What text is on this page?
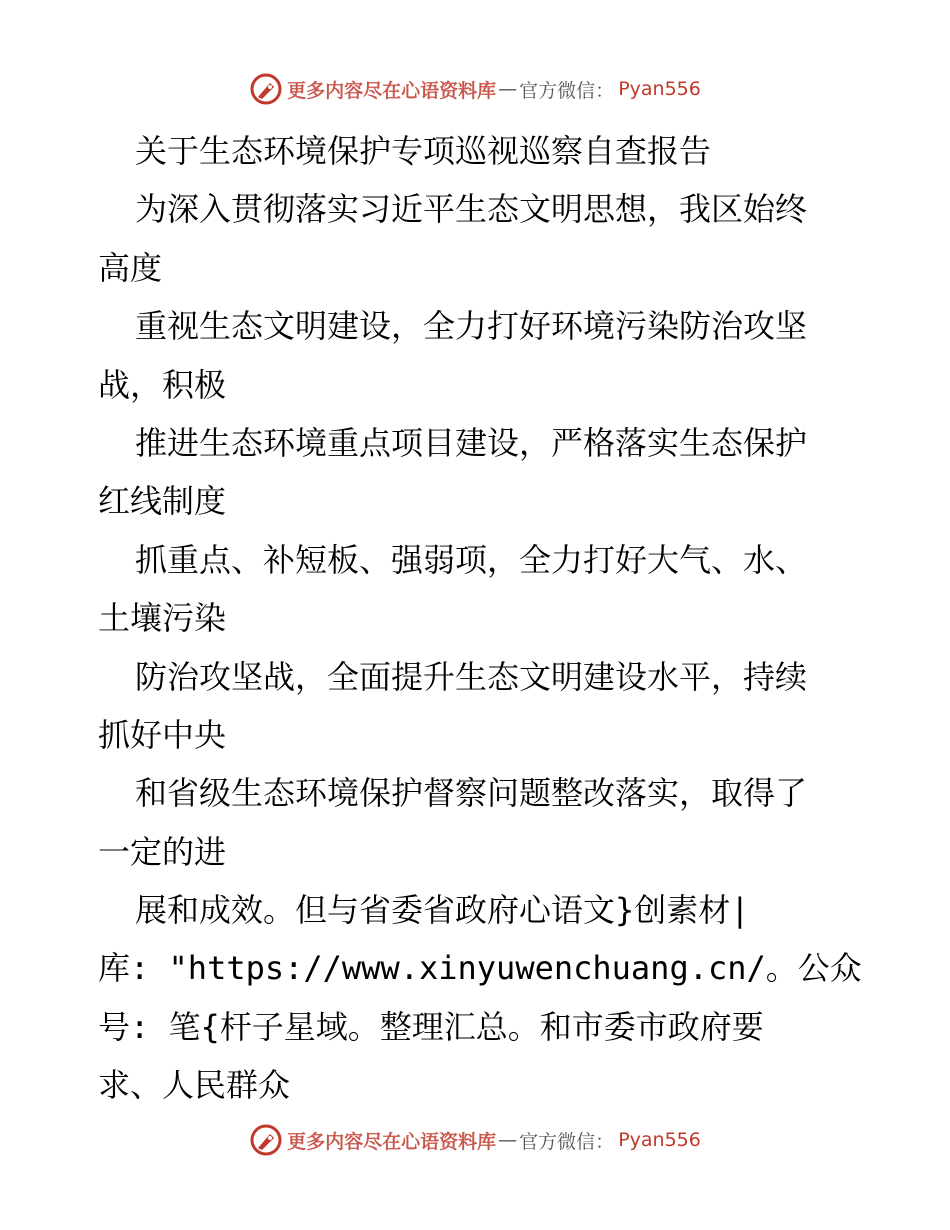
更多内容尽在心语资料库 — 官方微信： Pyan556
关于生态环境保护专项巡视巡察自查报告
为深入贯彻落实习近平生态文明思想，我区始终
高度
重视生态文明建设，全力打好环境污染防治攻坚
战，积极
推进生态环境重点项目建设，严格落实生态保护
红线制度
抓重点、补短板、强弱项，全力打好大气、水、
土壤污染
防治攻坚战，全面提升生态文明建设水平，持续
抓好中央
和省级生态环境保护督察问题整改落实，取得了
一定的进
展和成效。但与省委省政府心语文}创素材|
库: "https://www.xinyuwenchuang.cn/。公众
号: 笔{杆子星域。整理汇总。和市委市政府要
求、人民群众
更多内容尽在心语资料库 — 官方微信： Pyan556
